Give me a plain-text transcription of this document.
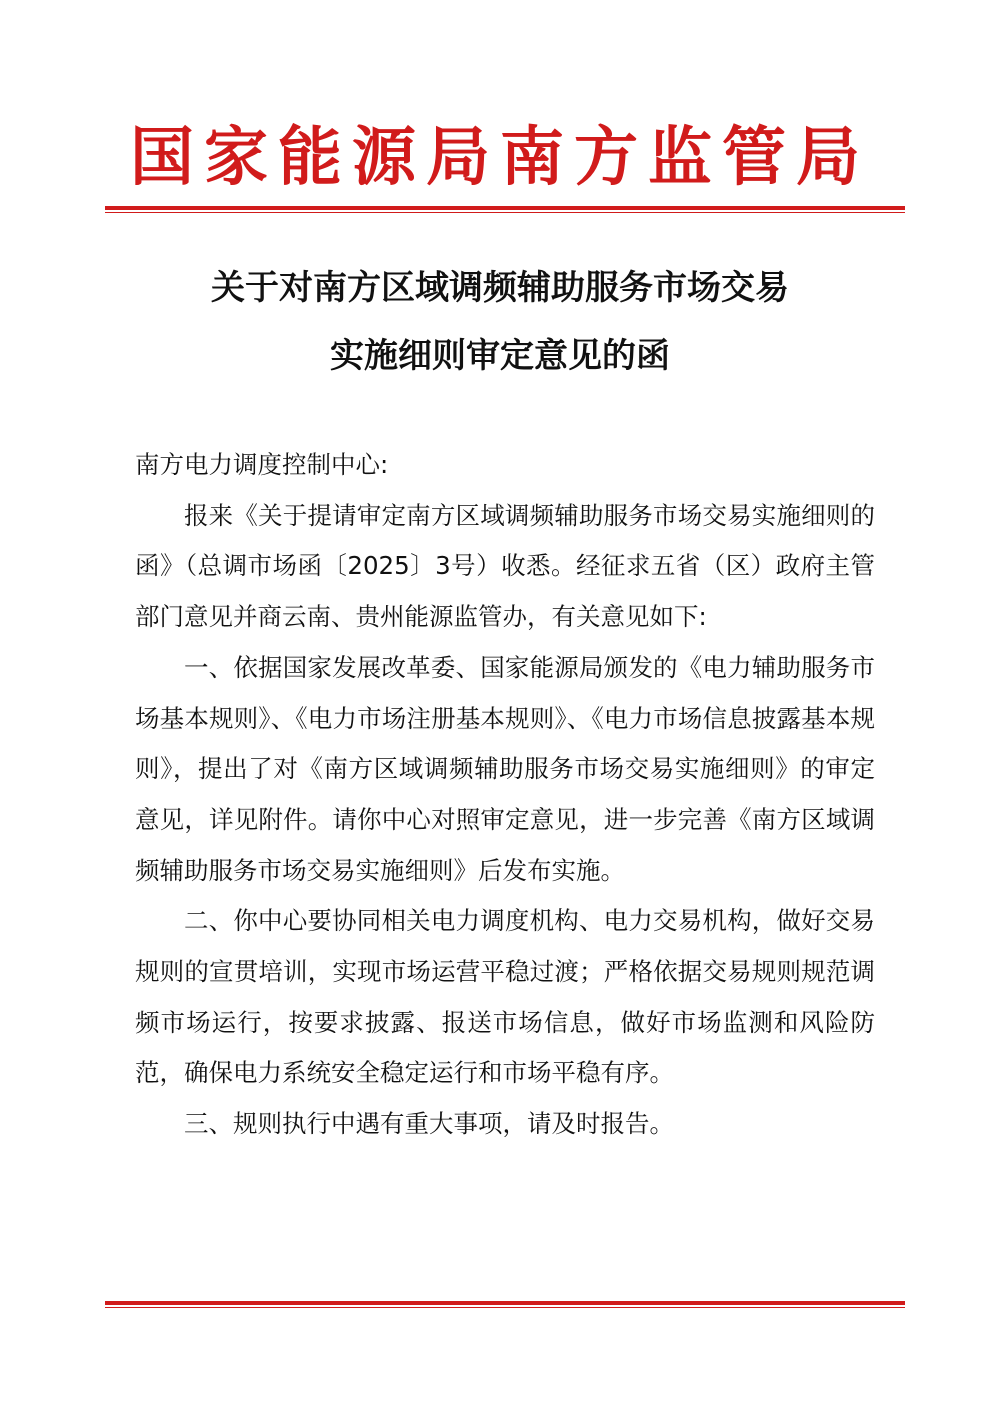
国家能源局南方监管局
关于对南方区域调频辅助服务市场交易
实施细则审定意见的函

南方电力调度控制中心:

报来《关于提请审定南方区域调频辅助服务市场交易实施细则的函》（总调市场函〔2025〕3号）收悉。经征求五省（区）政府主管部门意见并商云南、贵州能源监管办，有关意见如下:

一、依据国家发展改革委、国家能源局颁发的《电力辅助服务市场基本规则》、《电力市场注册基本规则》、《电力市场信息披露基本规则》，提出了对《南方区域调频辅助服务市场交易实施细则》的审定意见，详见附件。请你中心对照审定意见，进一步完善《南方区域调频辅助服务市场交易实施细则》后发布实施。

二、你中心要协同相关电力调度机构、电力交易机构，做好交易规则的宣贯培训，实现市场运营平稳过渡；严格依据交易规则规范调频市场运行，按要求披露、报送市场信息，做好市场监测和风险防范，确保电力系统安全稳定运行和市场平稳有序。

三、规则执行中遇有重大事项，请及时报告。
